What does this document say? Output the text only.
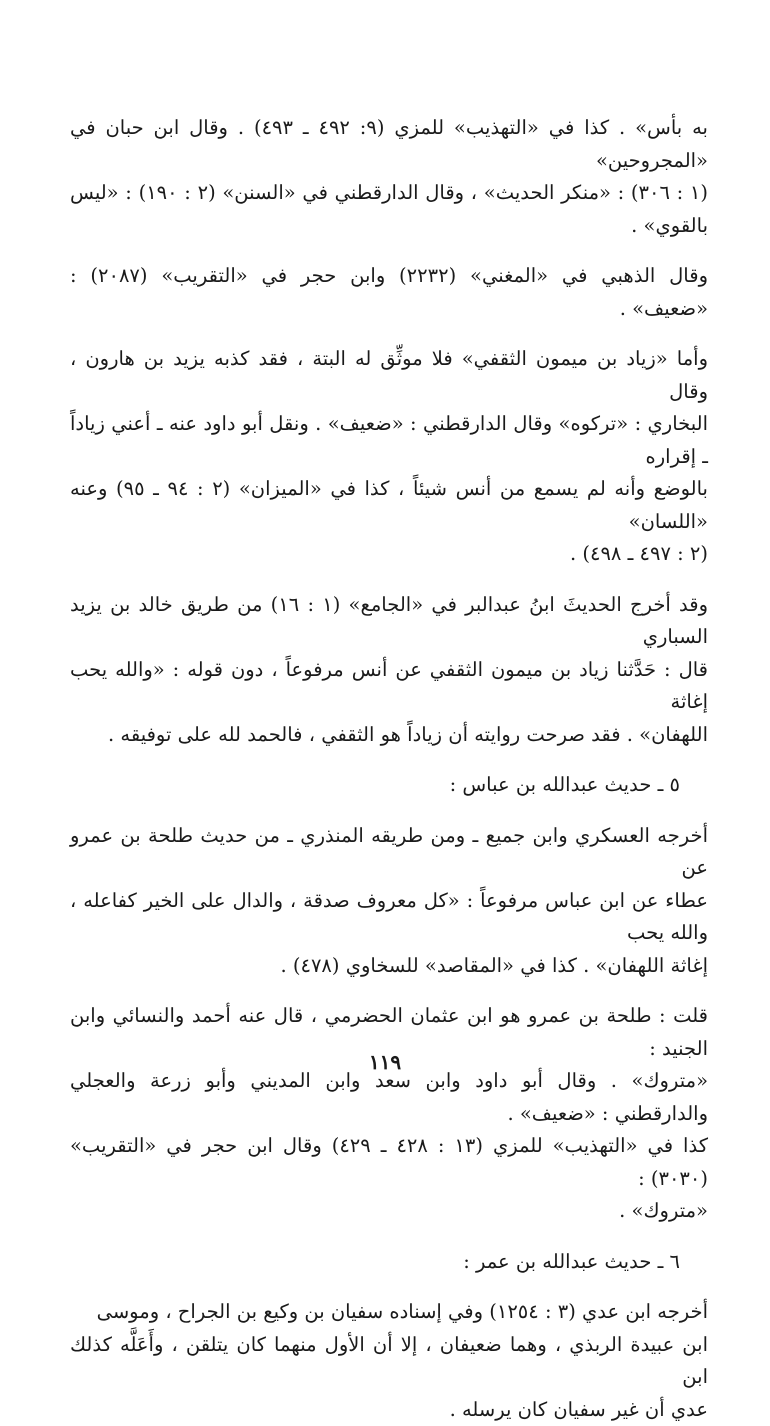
به بأس» . كذا في «التهذيب» للمزي (٩: ٤٩٢ ـ ٤٩٣) . وقال ابن حبان في «المجروحين»
(١ : ٣٠٦) : «منكر الحديث» ، وقال الدارقطني في «السنن» (٢ : ١٩٠) : «ليس بالقوي» .

وقال الذهبي في «المغني» (٢٢٣٢) وابن حجر في «التقريب» (٢٠٨٧) : «ضعيف» .

وأما «زياد بن ميمون الثقفي» فلا موثِّق له البتة ، فقد كذبه يزيد بن هارون ، وقال
البخاري : «تركوه» وقال الدارقطني : «ضعيف» . ونقل أبو داود عنه ـ أعني زياداً ـ إقراره
بالوضع وأنه لم يسمع من أنس شيئاً ، كذا في «الميزان» (٢ : ٩٤ ـ ٩٥) وعنه «اللسان»
(٢ : ٤٩٧ ـ ٤٩٨) .

وقد أخرج الحديثَ ابنُ عبدالبر في «الجامع» (١ : ١٦) من طريق خالد بن يزيد السباري
قال : حَدَّثنا زياد بن ميمون الثقفي عن أنس مرفوعاً ، دون قوله : «والله يحب إغاثة
اللهفان» . فقد صرحت روايته أن زياداً هو الثقفي ، فالحمد لله على توفيقه .

٥ ـ حديث عبدالله بن عباس :

أخرجه العسكري وابن جميع ـ ومن طريقه المنذري ـ من حديث طلحة بن عمرو عن
عطاء عن ابن عباس مرفوعاً : «كل معروف صدقة ، والدال على الخير كفاعله ، والله يحب
إغاثة اللهفان» . كذا في «المقاصد» للسخاوي (٤٧٨) .

قلت : طلحة بن عمرو هو ابن عثمان الحضرمي ، قال عنه أحمد والنسائي وابن الجنيد :
«متروك» . وقال أبو داود وابن سعد وابن المديني وأبو زرعة والعجلي والدارقطني : «ضعيف» .
كذا في «التهذيب» للمزي (١٣ : ٤٢٨ ـ ٤٢٩) وقال ابن حجر في «التقريب» (٣٠٣٠) :
«متروك» .

٦ ـ حديث عبدالله بن عمر :

أخرجه ابن عدي (٣ : ١٢٥٤) وفي إسناده سفيان بن وكيع بن الجراح ، وموسى
ابن عبيدة الربذي ، وهما ضعيفان ، إلا أن الأول منهما كان يتلقن ، وأَعَلَّه كذلك ابن
عدي أن غير سفيان كان يرسله .

١١٩
